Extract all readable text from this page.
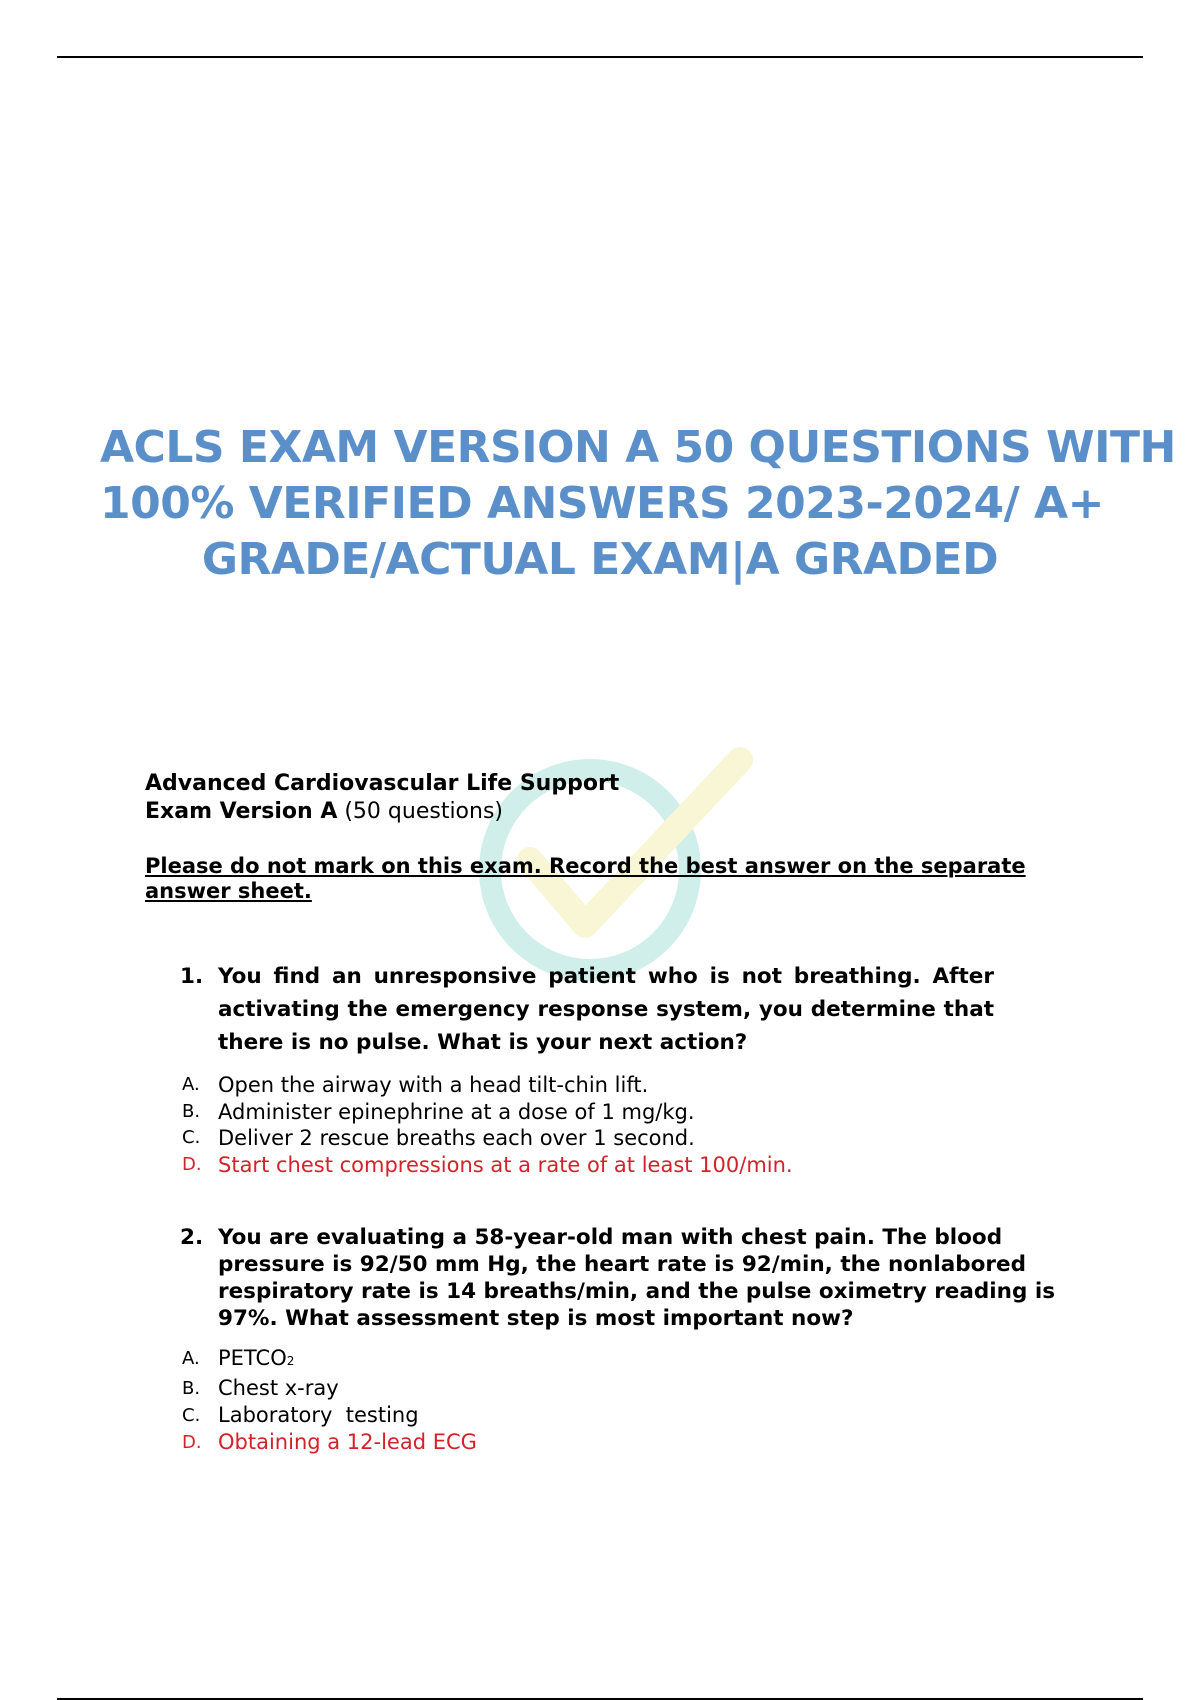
ACLS EXAM VERSION A 50 QUESTIONS WITH
100% VERIFIED ANSWERS 2023-2024/ A+
GRADE/ACTUAL EXAM|A GRADED
Advanced Cardiovascular Life Support
Exam Version A (50 questions)
Please do not mark on this exam. Record the best answer on the separate answer sheet.
1. You find an unresponsive patient who is not breathing. After activating the emergency response system, you determine that there is no pulse. What is your next action?
A. Open the airway with a head tilt-chin lift.
B. Administer epinephrine at a dose of 1 mg/kg.
C. Deliver 2 rescue breaths each over 1 second.
D. Start chest compressions at a rate of at least 100/min.
2. You are evaluating a 58-year-old man with chest pain. The blood pressure is 92/50 mm Hg, the heart rate is 92/min, the nonlabored respiratory rate is 14 breaths/min, and the pulse oximetry reading is 97%. What assessment step is most important now?
A. PETCO2
B. Chest x-ray
C. Laboratory  testing
D. Obtaining a 12-lead ECG
